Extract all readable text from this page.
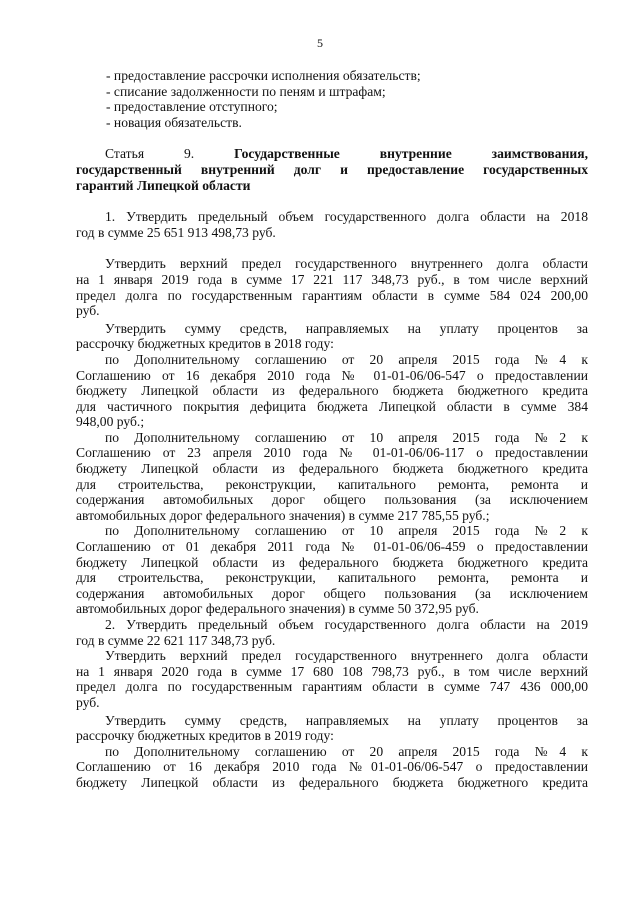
5
- предоставление рассрочки исполнения обязательств;
- списание задолженности по пеням и штрафам;
- предоставление отступного;
- новация обязательств.
Статья 9. Государственные внутренние заимствования,
государственный внутренний долг и предоставление государственных
гарантий Липецкой области
1. Утвердить предельный объем государственного долга области на 2018
год в сумме 25 651 913 498,73 руб.
Утвердить верхний предел государственного внутреннего долга области
на 1 января 2019 года в сумме 17 221 117 348,73 руб., в том числе верхний
предел долга по государственным гарантиям области в сумме 584 024 200,00
руб.
Утвердить сумму средств, направляемых на уплату процентов за
рассрочку бюджетных кредитов в 2018 году:
по Дополнительному соглашению от 20 апреля 2015 года №4 к
Соглашению от 16 декабря 2010 года № 01-01-06/06-547 о предоставлении
бюджету Липецкой области из федерального бюджета бюджетного кредита
для частичного покрытия дефицита бюджета Липецкой области в сумме 384
948,00 руб.;
по Дополнительному соглашению от 10 апреля 2015 года №2 к
Соглашению от 23 апреля 2010 года № 01-01-06/06-117 о предоставлении
бюджету Липецкой области из федерального бюджета бюджетного кредита
для строительства, реконструкции, капитального ремонта, ремонта и
содержания автомобильных дорог общего пользования (за исключением
автомобильных дорог федерального значения) в сумме 217 785,55 руб.;
по Дополнительному соглашению от 10 апреля 2015 года №2 к
Соглашению от 01 декабря 2011 года № 01-01-06/06-459 о предоставлении
бюджету Липецкой области из федерального бюджета бюджетного кредита
для строительства, реконструкции, капитального ремонта, ремонта и
содержания автомобильных дорог общего пользования (за исключением
автомобильных дорог федерального значения) в сумме 50 372,95 руб.
2. Утвердить предельный объем государственного долга области на 2019
год в сумме 22 621 117 348,73 руб.
Утвердить верхний предел государственного внутреннего долга области
на 1 января 2020 года в сумме 17 680 108 798,73 руб., в том числе верхний
предел долга по государственным гарантиям области в сумме 747 436 000,00
руб.
Утвердить сумму средств, направляемых на уплату процентов за
рассрочку бюджетных кредитов в 2019 году:
по Дополнительному соглашению от 20 апреля 2015 года №4 к
Соглашению от 16 декабря 2010 года №01-01-06/06-547 о предоставлении
бюджету Липецкой области из федерального бюджета бюджетного кредита
